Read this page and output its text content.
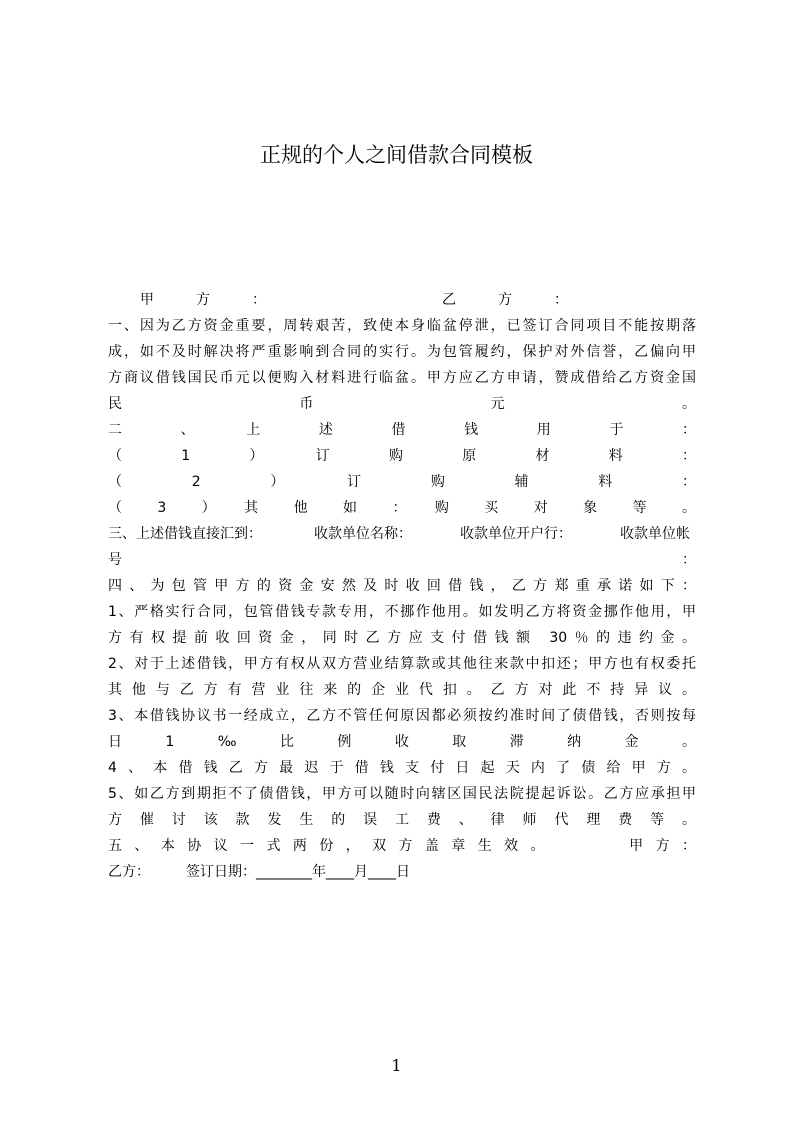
正规的个人之间借款合同模板
甲　　　方　　　：	乙　　　方　　　：
一、因为乙方资金重要，周转艰苦，致使本身临盆停泄，已签订合同项目不能按期落
成，如不及时解决将严重影响到合同的实行。为包管履约，保护对外信誉，乙偏向甲
方商议借钱国民币元以便购入材料进行临盆。甲方应乙方申请，赞成借给乙方资金国
民　　　　　　　　币　　　　　　　　元　　　　　　　　。
二　　、　　上　　述　　借　　钱　　用　　于　　：
（　　1　　）　　订　　购　　原　　材　　料　　：
（　　2　　）　　订　　购　　辅　　料　　：
（　3　）　其　他　如　：　购　买　对　象　等　。
三、上述借钱直接汇到：	收款单位名称：	收款单位开户行：	收款单位帐
号　　　　　　　　　　　　　　　　　　　　　　　：
四、为包管甲方的资金安然及时收回借钱，乙方郑重承诺如下：
1、严格实行合同，包管借钱专款专用，不挪作他用。如发明乙方将资金挪作他用，甲
方有权提前收回资金，同时乙方应支付借钱额 30％的违约金。
2、对于上述借钱，甲方有权从双方营业结算款或其他往来款中扣还；甲方也有权委托
其他与乙方有营业往来的企业代扣。乙方对此不持异议。
3、本借钱协议书一经成立，乙方不管任何原因都必须按约准时间了债借钱，否则按每
日　　1　　‰　　比　　例　　收　　取　　滞　　纳　　金　　。
4、本借钱乙方最迟于借钱支付日起天内了债给甲方。
5、如乙方到期拒不了债借钱，甲方可以随时向辖区国民法院提起诉讼。乙方应承担甲
方催讨该款发生的误工费、律师代理费等。
五、本协议一式两份，双方盖章生效。　　　甲方：
乙方：	签订日期：________年____月____日
1
